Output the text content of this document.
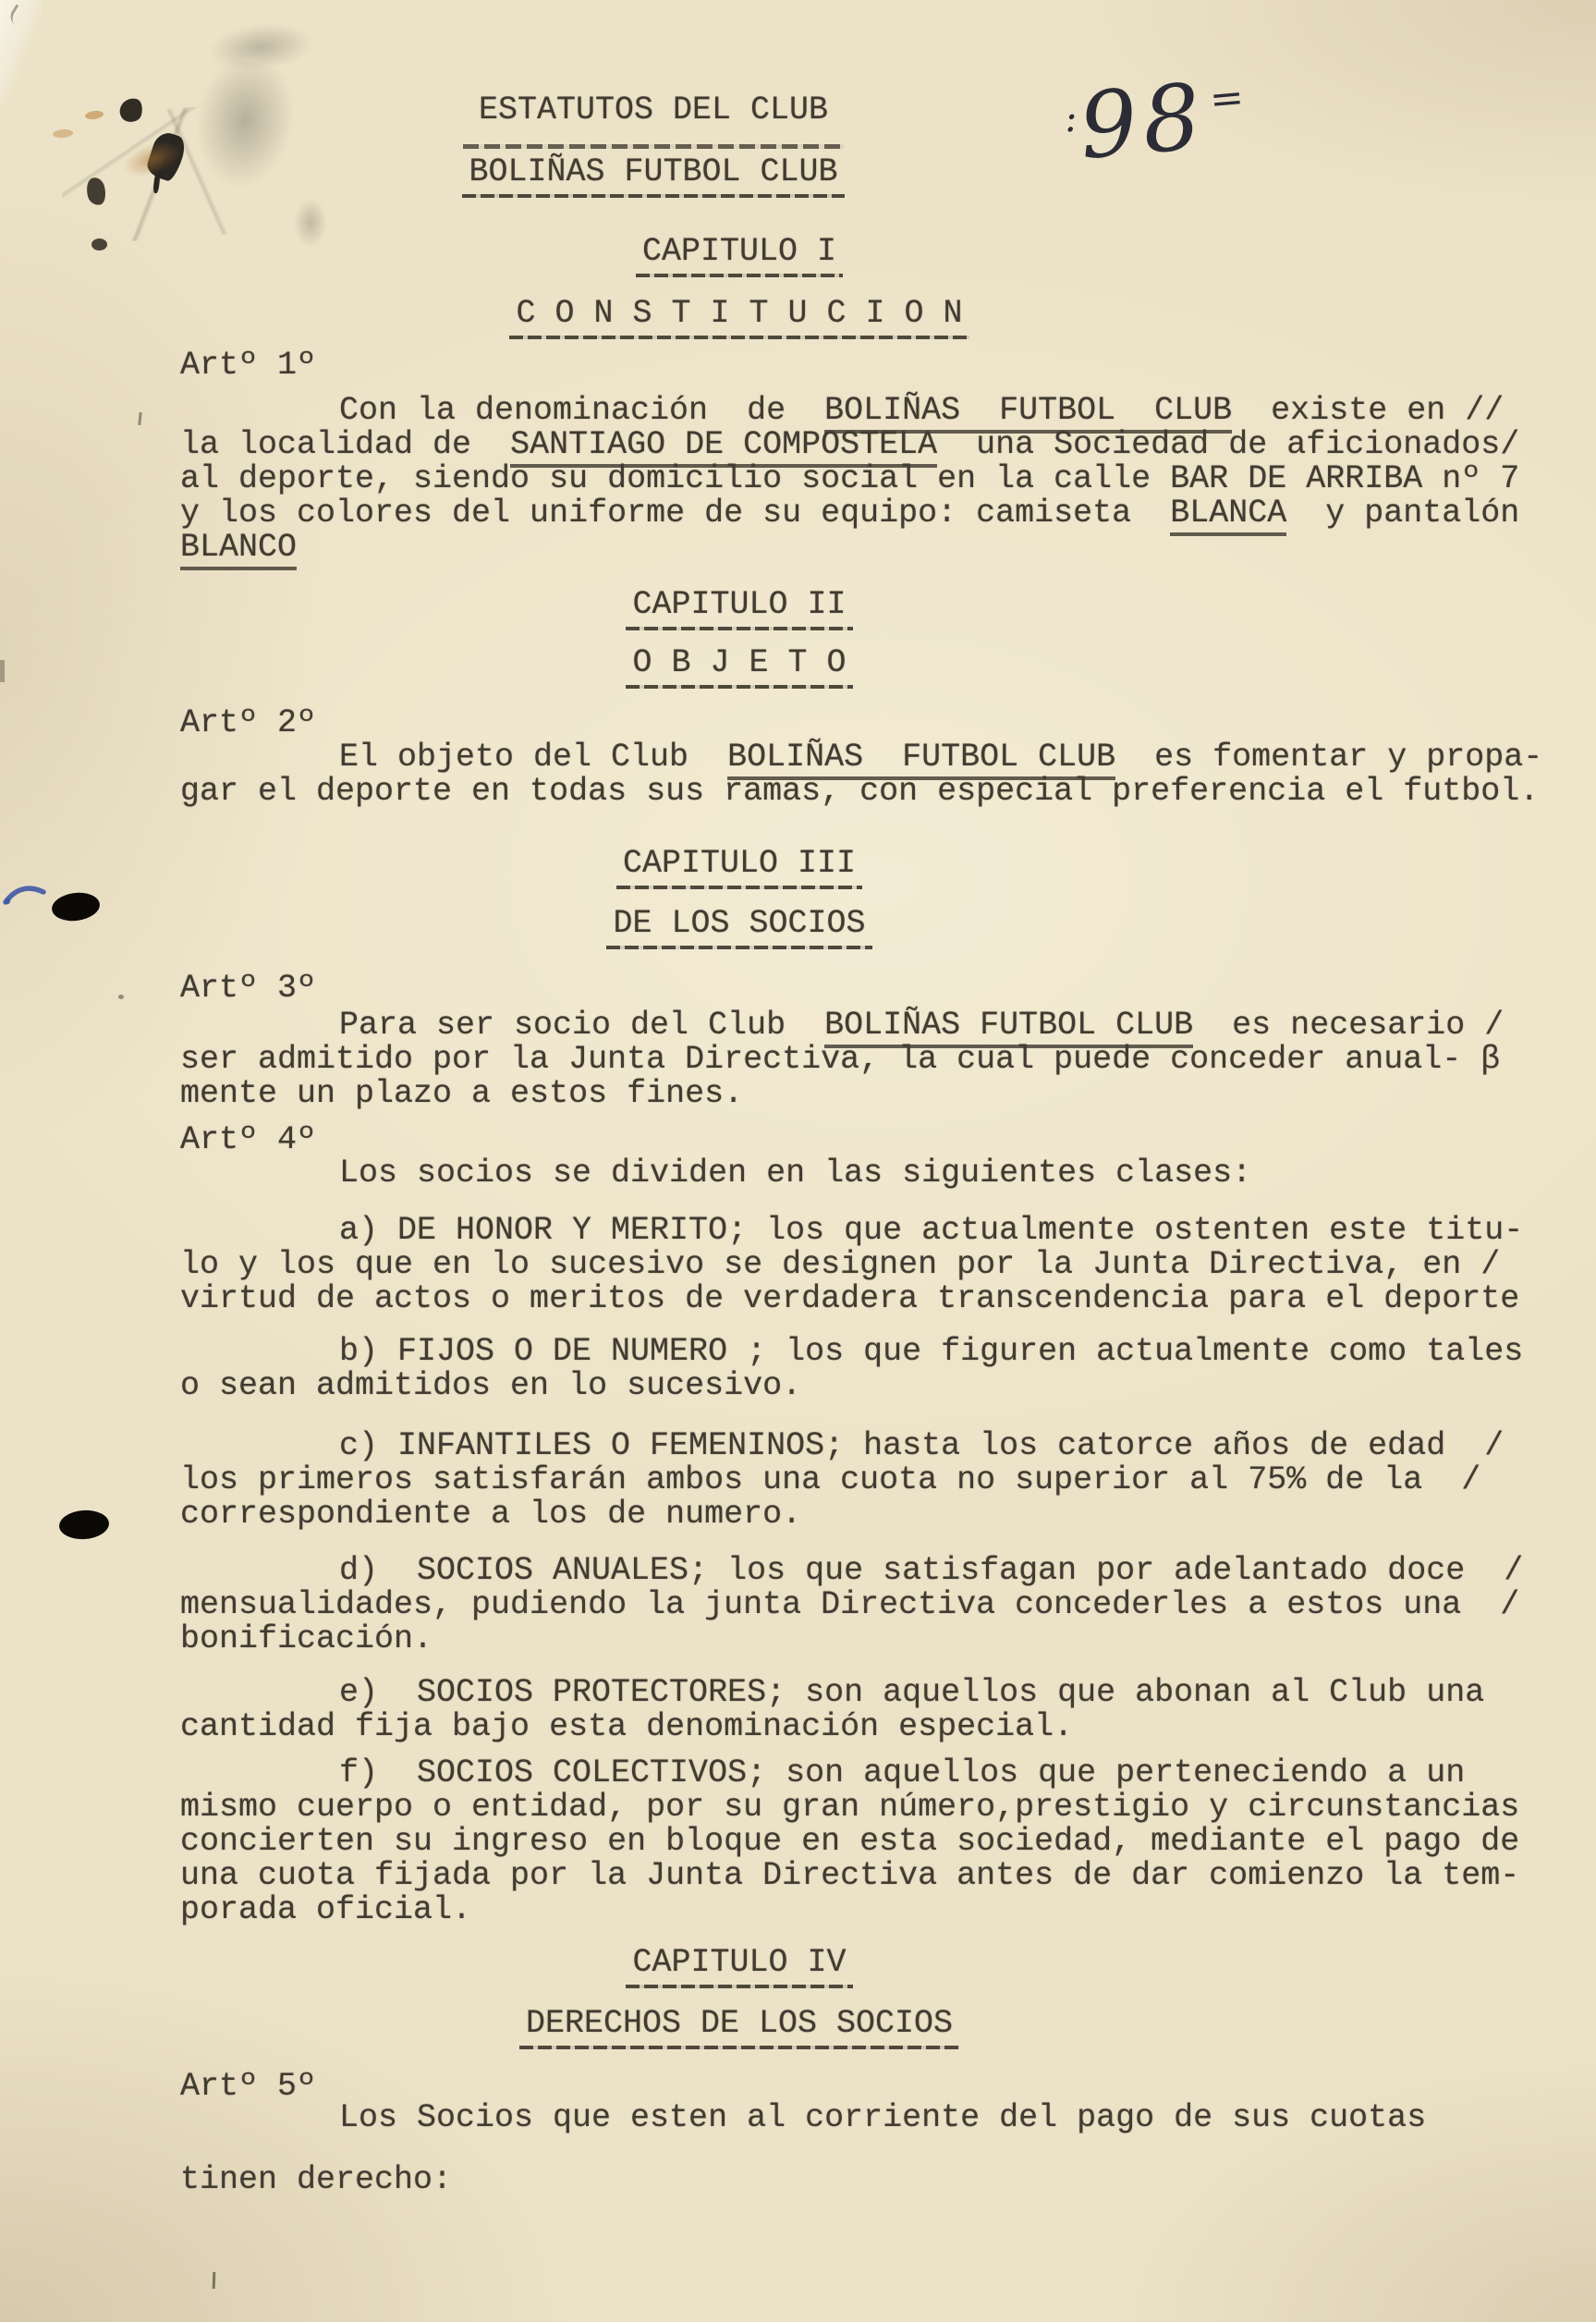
:98=
ESTATUTOS DEL CLUB
BOLIÑAS FUTBOL CLUB
CAPITULO I
C O N S T I T U C I O N
Artº 1º
Con la denominación  de  BOLIÑAS  FUTBOL  CLUB  existe en //
la localidad de  SANTIAGO DE COMPOSTELA  una Sociedad de aficionados/
al deporte, siendo su domicilio social en la calle BAR DE ARRIBA nº 7
y los colores del uniforme de su equipo: camiseta  BLANCA  y pantalón
BLANCO
CAPITULO II
O B J E T O
Artº 2º
El objeto del Club  BOLIÑAS  FUTBOL CLUB  es fomentar y propa-
gar el deporte en todas sus ramas, con especial preferencia el futbol.
CAPITULO III
DE LOS SOCIOS
Artº 3º
Para ser socio del Club  BOLIÑAS FUTBOL CLUB  es necesario /
ser admitido por la Junta Directiva, la cual puede conceder anual- β
mente un plazo a estos fines.
Artº 4º
Los socios se dividen en las siguientes clases:
a) DE HONOR Y MERITO; los que actualmente ostenten este titu-
lo y los que en lo sucesivo se designen por la Junta Directiva, en /
virtud de actos o meritos de verdadera transcendencia para el deporte
b) FIJOS O DE NUMERO ; los que figuren actualmente como tales
o sean admitidos en lo sucesivo.
c) INFANTILES O FEMENINOS; hasta los catorce años de edad  /
los primeros satisfarán ambos una cuota no superior al 75% de la  /
correspondiente a los de numero.
d)  SOCIOS ANUALES; los que satisfagan por adelantado doce  /
mensualidades, pudiendo la junta Directiva concederles a estos una  /
bonificación.
e)  SOCIOS PROTECTORES; son aquellos que abonan al Club una
cantidad fija bajo esta denominación especial.
f)  SOCIOS COLECTIVOS; son aquellos que perteneciendo a un
mismo cuerpo o entidad, por su gran número,prestigio y circunstancias
concierten su ingreso en bloque en esta sociedad, mediante el pago de
una cuota fijada por la Junta Directiva antes de dar comienzo la tem-
porada oficial.
CAPITULO IV
DERECHOS DE LOS SOCIOS
Artº 5º
Los Socios que esten al corriente del pago de sus cuotas
tinen derecho:
